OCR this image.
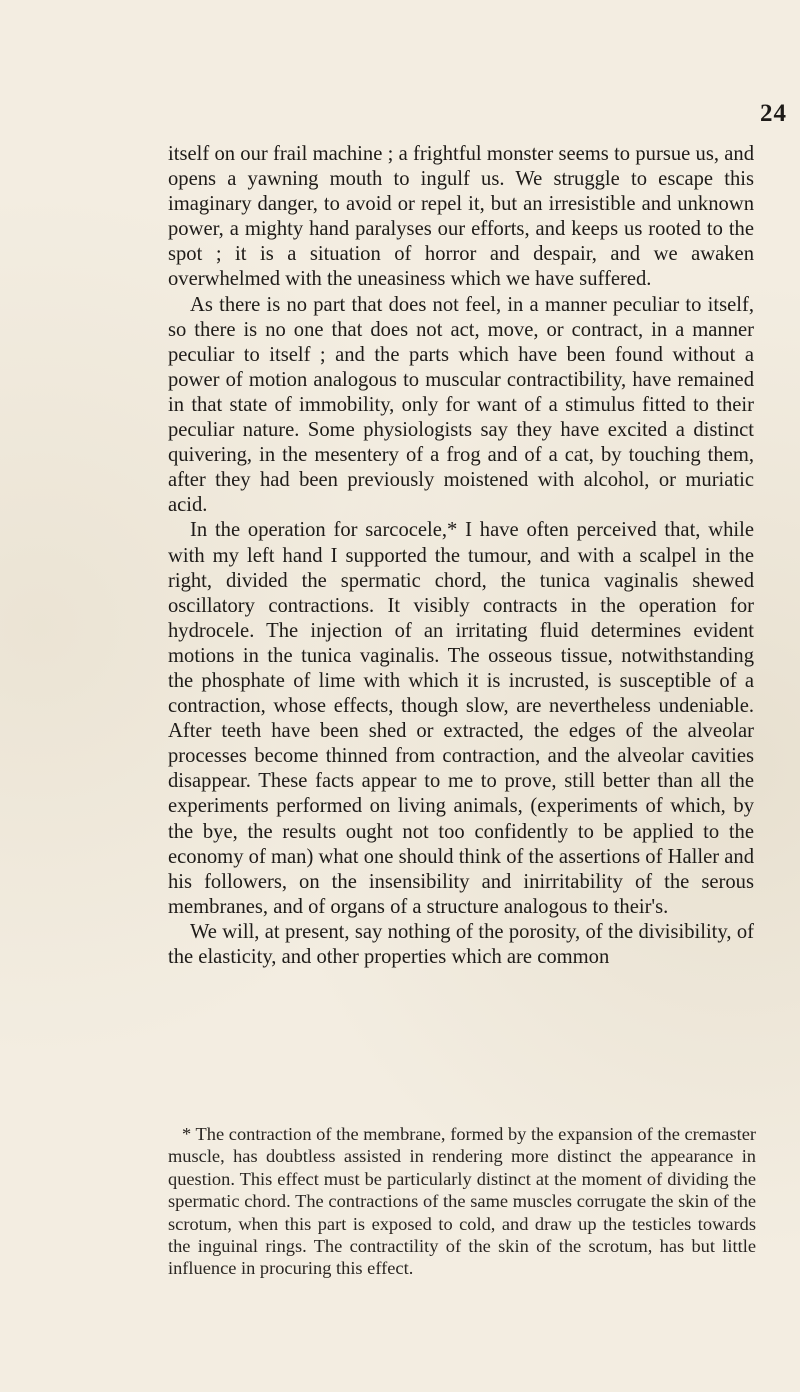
24

itself on our frail machine ; a frightful monster seems to pursue us, and opens a yawning mouth to ingulf us. We struggle to escape this imaginary danger, to avoid or repel it, but an irresistible and unknown power, a mighty hand paralyses our efforts, and keeps us rooted to the spot ; it is a situation of horror and despair, and we awaken overwhelmed with the uneasiness which we have suffered.

As there is no part that does not feel, in a manner peculiar to itself, so there is no one that does not act, move, or contract, in a manner peculiar to itself ; and the parts which have been found without a power of motion analogous to muscular contractibility, have remained in that state of immobility, only for want of a stimulus fitted to their peculiar nature. Some physiologists say they have excited a distinct quivering, in the mesentery of a frog and of a cat, by touching them, after they had been previously moistened with alcohol, or muriatic acid.

In the operation for sarcocele,* I have often perceived that, while with my left hand I supported the tumour, and with a scalpel in the right, divided the spermatic chord, the tunica vaginalis shewed oscillatory contractions. It visibly contracts in the operation for hydrocele. The injection of an irritating fluid determines evident motions in the tunica vaginalis. The osseous tissue, notwithstanding the phosphate of lime with which it is incrusted, is susceptible of a contraction, whose effects, though slow, are nevertheless undeniable. After teeth have been shed or extracted, the edges of the alveolar processes become thinned from contraction, and the alveolar cavities disappear. These facts appear to me to prove, still better than all the experiments performed on living animals, (experiments of which, by the bye, the results ought not too confidently to be applied to the economy of man) what one should think of the assertions of Haller and his followers, on the insensibility and inirritability of the serous membranes, and of organs of a structure analogous to their's.

We will, at present, say nothing of the porosity, of the divisibility, of the elasticity, and other properties which are common

* The contraction of the membrane, formed by the expansion of the cremaster muscle, has doubtless assisted in rendering more distinct the appearance in question. This effect must be particularly distinct at the moment of dividing the spermatic chord. The contractions of the same muscles corrugate the skin of the scrotum, when this part is exposed to cold, and draw up the testicles towards the inguinal rings. The contractility of the skin of the scrotum, has but little influence in procuring this effect.
